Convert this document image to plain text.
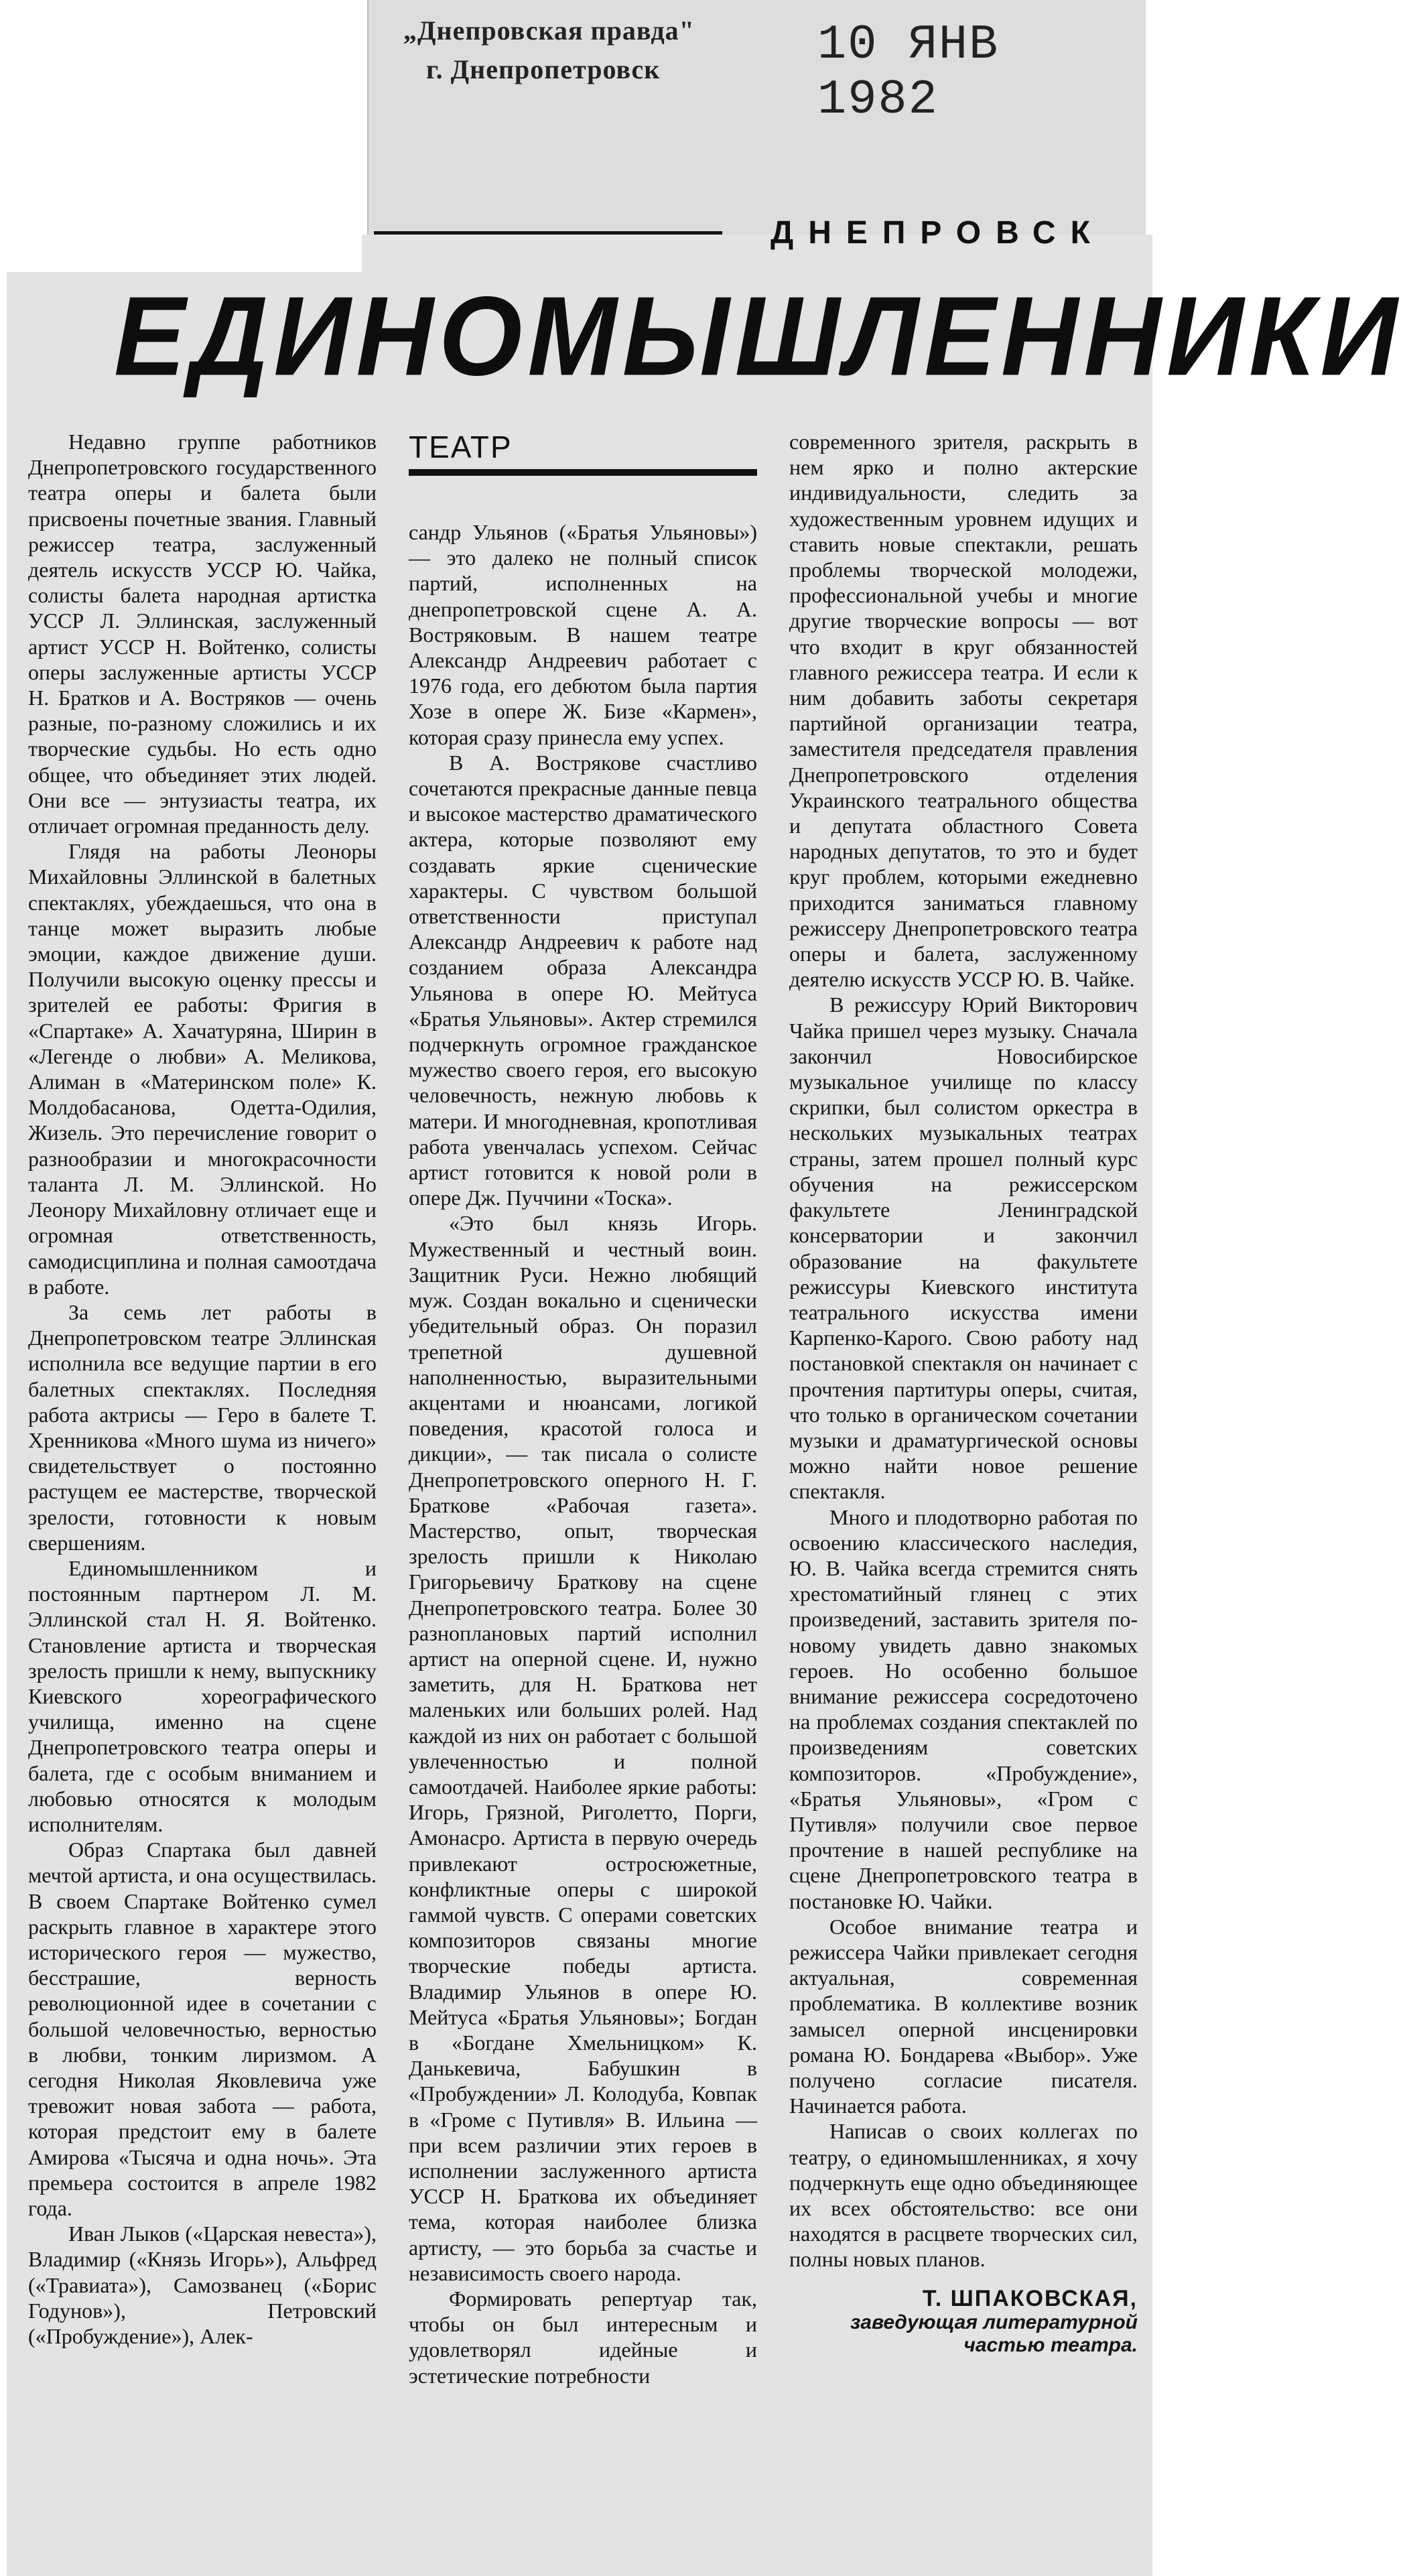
„Днепровская правда"
г. Днепропетровск	10 ЯНВ 1982
ДНЕПРОВСК
ЕДИНОМЫШЛЕННИКИ
ТЕАТР

Недавно группе работников Днепропетровского государственного театра оперы и балета были присвоены почетные звания. Главный режиссер театра, заслуженный деятель искусств УССР Ю. Чайка, солисты балета народная артистка УССР Л. Эллинская, заслуженный артист УССР Н. Войтенко, солисты оперы заслуженные артисты УССР Н. Братков и А. Востряков — очень разные, по-разному сложились и их творческие судьбы. Но есть одно общее, что объединяет этих людей. Они все — энтузиасты театра, их отличает огромная преданность делу.

Глядя на работы Леоноры Михайловны Эллинской в балетных спектаклях, убеждаешься, что она в танце может выразить любые эмоции, каждое движение души. Получили высокую оценку прессы и зрителей ее работы: Фригия в «Спартаке» А. Хачатуряна, Ширин в «Легенде о любви» А. Меликова, Алиман в «Материнском поле» К. Молдобасанова, Одетта-Одилия, Жизель. Это перечисление говорит о разнообразии и многокрасочности таланта Л. М. Эллинской. Но Леонору Михайловну отличает еще и огромная ответственность, самодисциплина и полная самоотдача в работе.

За семь лет работы в Днепропетровском театре Эллинская исполнила все ведущие партии в его балетных спектаклях. Последняя работа актрисы — Геро в балете Т. Хренникова «Много шума из ничего» свидетельствует о постоянно растущем ее мастерстве, творческой зрелости, готовности к новым свершениям.

Единомышленником и постоянным партнером Л. М. Эллинской стал Н. Я. Войтенко. Становление артиста и творческая зрелость пришли к нему, выпускнику Киевского хореографического училища, именно на сцене Днепропетровского театра оперы и балета, где с особым вниманием и любовью относятся к молодым исполнителям.

Образ Спартака был давней мечтой артиста, и она осуществилась. В своем Спартаке Войтенко сумел раскрыть главное в характере этого исторического героя — мужество, бесстрашие, верность революционной идее в сочетании с большой человечностью, верностью в любви, тонким лиризмом. А сегодня Николая Яковлевича уже тревожит новая забота — работа, которая предстоит ему в балете Амирова «Тысяча и одна ночь». Эта премьера состоится в апреле 1982 года.

Иван Лыков («Царская невеста»), Владимир («Князь Игорь»), Альфред («Травиата»), Самозванец («Борис Годунов»), Петровский («Пробуждение»), Алек-

сандр Ульянов («Братья Ульяновы») — это далеко не полный список партий, исполненных на днепропетровской сцене А. А. Востряковым. В нашем театре Александр Андреевич работает с 1976 года, его дебютом была партия Хозе в опере Ж. Бизе «Кармен», которая сразу принесла ему успех.

В А. Вострякове счастливо сочетаются прекрасные данные певца и высокое мастерство драматического актера, которые позволяют ему создавать яркие сценические характеры. С чувством большой ответственности приступал Александр Андреевич к работе над созданием образа Александра Ульянова в опере Ю. Мейтуса «Братья Ульяновы». Актер стремился подчеркнуть огромное гражданское мужество своего героя, его высокую человечность, нежную любовь к матери. И многодневная, кропотливая работа увенчалась успехом. Сейчас артист готовится к новой роли в опере Дж. Пуччини «Тоска».

«Это был князь Игорь. Мужественный и честный воин. Защитник Руси. Нежно любящий муж. Создан вокально и сценически убедительный образ. Он поразил трепетной душевной наполненностью, выразительными акцентами и нюансами, логикой поведения, красотой голоса и дикции», — так писала о солисте Днепропетровского оперного Н. Г. Браткове «Рабочая газета». Мастерство, опыт, творческая зрелость пришли к Николаю Григорьевичу Браткову на сцене Днепропетровского театра. Более 30 разноплановых партий исполнил артист на оперной сцене. И, нужно заметить, для Н. Браткова нет маленьких или больших ролей. Над каждой из них он работает с большой увлеченностью и полной самоотдачей. Наиболее яркие работы: Игорь, Грязной, Риголетто, Порги, Амонасро. Артиста в первую очередь привлекают остросюжетные, конфликтные оперы с широкой гаммой чувств. С операми советских композиторов связаны многие творческие победы артиста. Владимир Ульянов в опере Ю. Мейтуса «Братья Ульяновы»; Богдан в «Богдане Хмельницком» К. Данькевича, Бабушкин в «Пробуждении» Л. Колодуба, Ковпак в «Громе с Путивля» В. Ильина — при всем различии этих героев в исполнении заслуженного артиста УССР Н. Браткова их объединяет тема, которая наиболее близка артисту, — это борьба за счастье и независимость своего народа.

Формировать репертуар так, чтобы он был интересным и удовлетворял идейные и эстетические потребности

современного зрителя, раскрыть в нем ярко и полно актерские индивидуальности, следить за художественным уровнем идущих и ставить новые спектакли, решать проблемы творческой молодежи, профессиональной учебы и многие другие творческие вопросы — вот что входит в круг обязанностей главного режиссера театра. И если к ним добавить заботы секретаря партийной организации театра, заместителя председателя правления Днепропетровского отделения Украинского театрального общества и депутата областного Совета народных депутатов, то это и будет круг проблем, которыми ежедневно приходится заниматься главному режиссеру Днепропетровского театра оперы и балета, заслуженному деятелю искусств УССР Ю. В. Чайке.

В режиссуру Юрий Викторович Чайка пришел через музыку. Сначала закончил Новосибирское музыкальное училище по классу скрипки, был солистом оркестра в нескольких музыкальных театрах страны, затем прошел полный курс обучения на режиссерском факультете Ленинградской консерватории и закончил образование на факультете режиссуры Киевского института театрального искусства имени Карпенко-Карого. Свою работу над постановкой спектакля он начинает с прочтения партитуры оперы, считая, что только в органическом сочетании музыки и драматургической основы можно найти новое решение спектакля.

Много и плодотворно работая по освоению классического наследия, Ю. В. Чайка всегда стремится снять хрестоматийный глянец с этих произведений, заставить зрителя по-новому увидеть давно знакомых героев. Но особенно большое внимание режиссера сосредоточено на проблемах создания спектаклей по произведениям советских композиторов. «Пробуждение», «Братья Ульяновы», «Гром с Путивля» получили свое первое прочтение в нашей республике на сцене Днепропетровского театра в постановке Ю. Чайки.

Особое внимание театра и режиссера Чайки привлекает сегодня актуальная, современная проблематика. В коллективе возник замысел оперной инсценировки романа Ю. Бондарева «Выбор». Уже получено согласие писателя. Начинается работа.

Написав о своих коллегах по театру, о единомышленниках, я хочу подчеркнуть еще одно объединяющее их всех обстоятельство: все они находятся в расцвете творческих сил, полны новых планов.

Т. ШПАКОВСКАЯ,
заведующая литературной частью театра.
